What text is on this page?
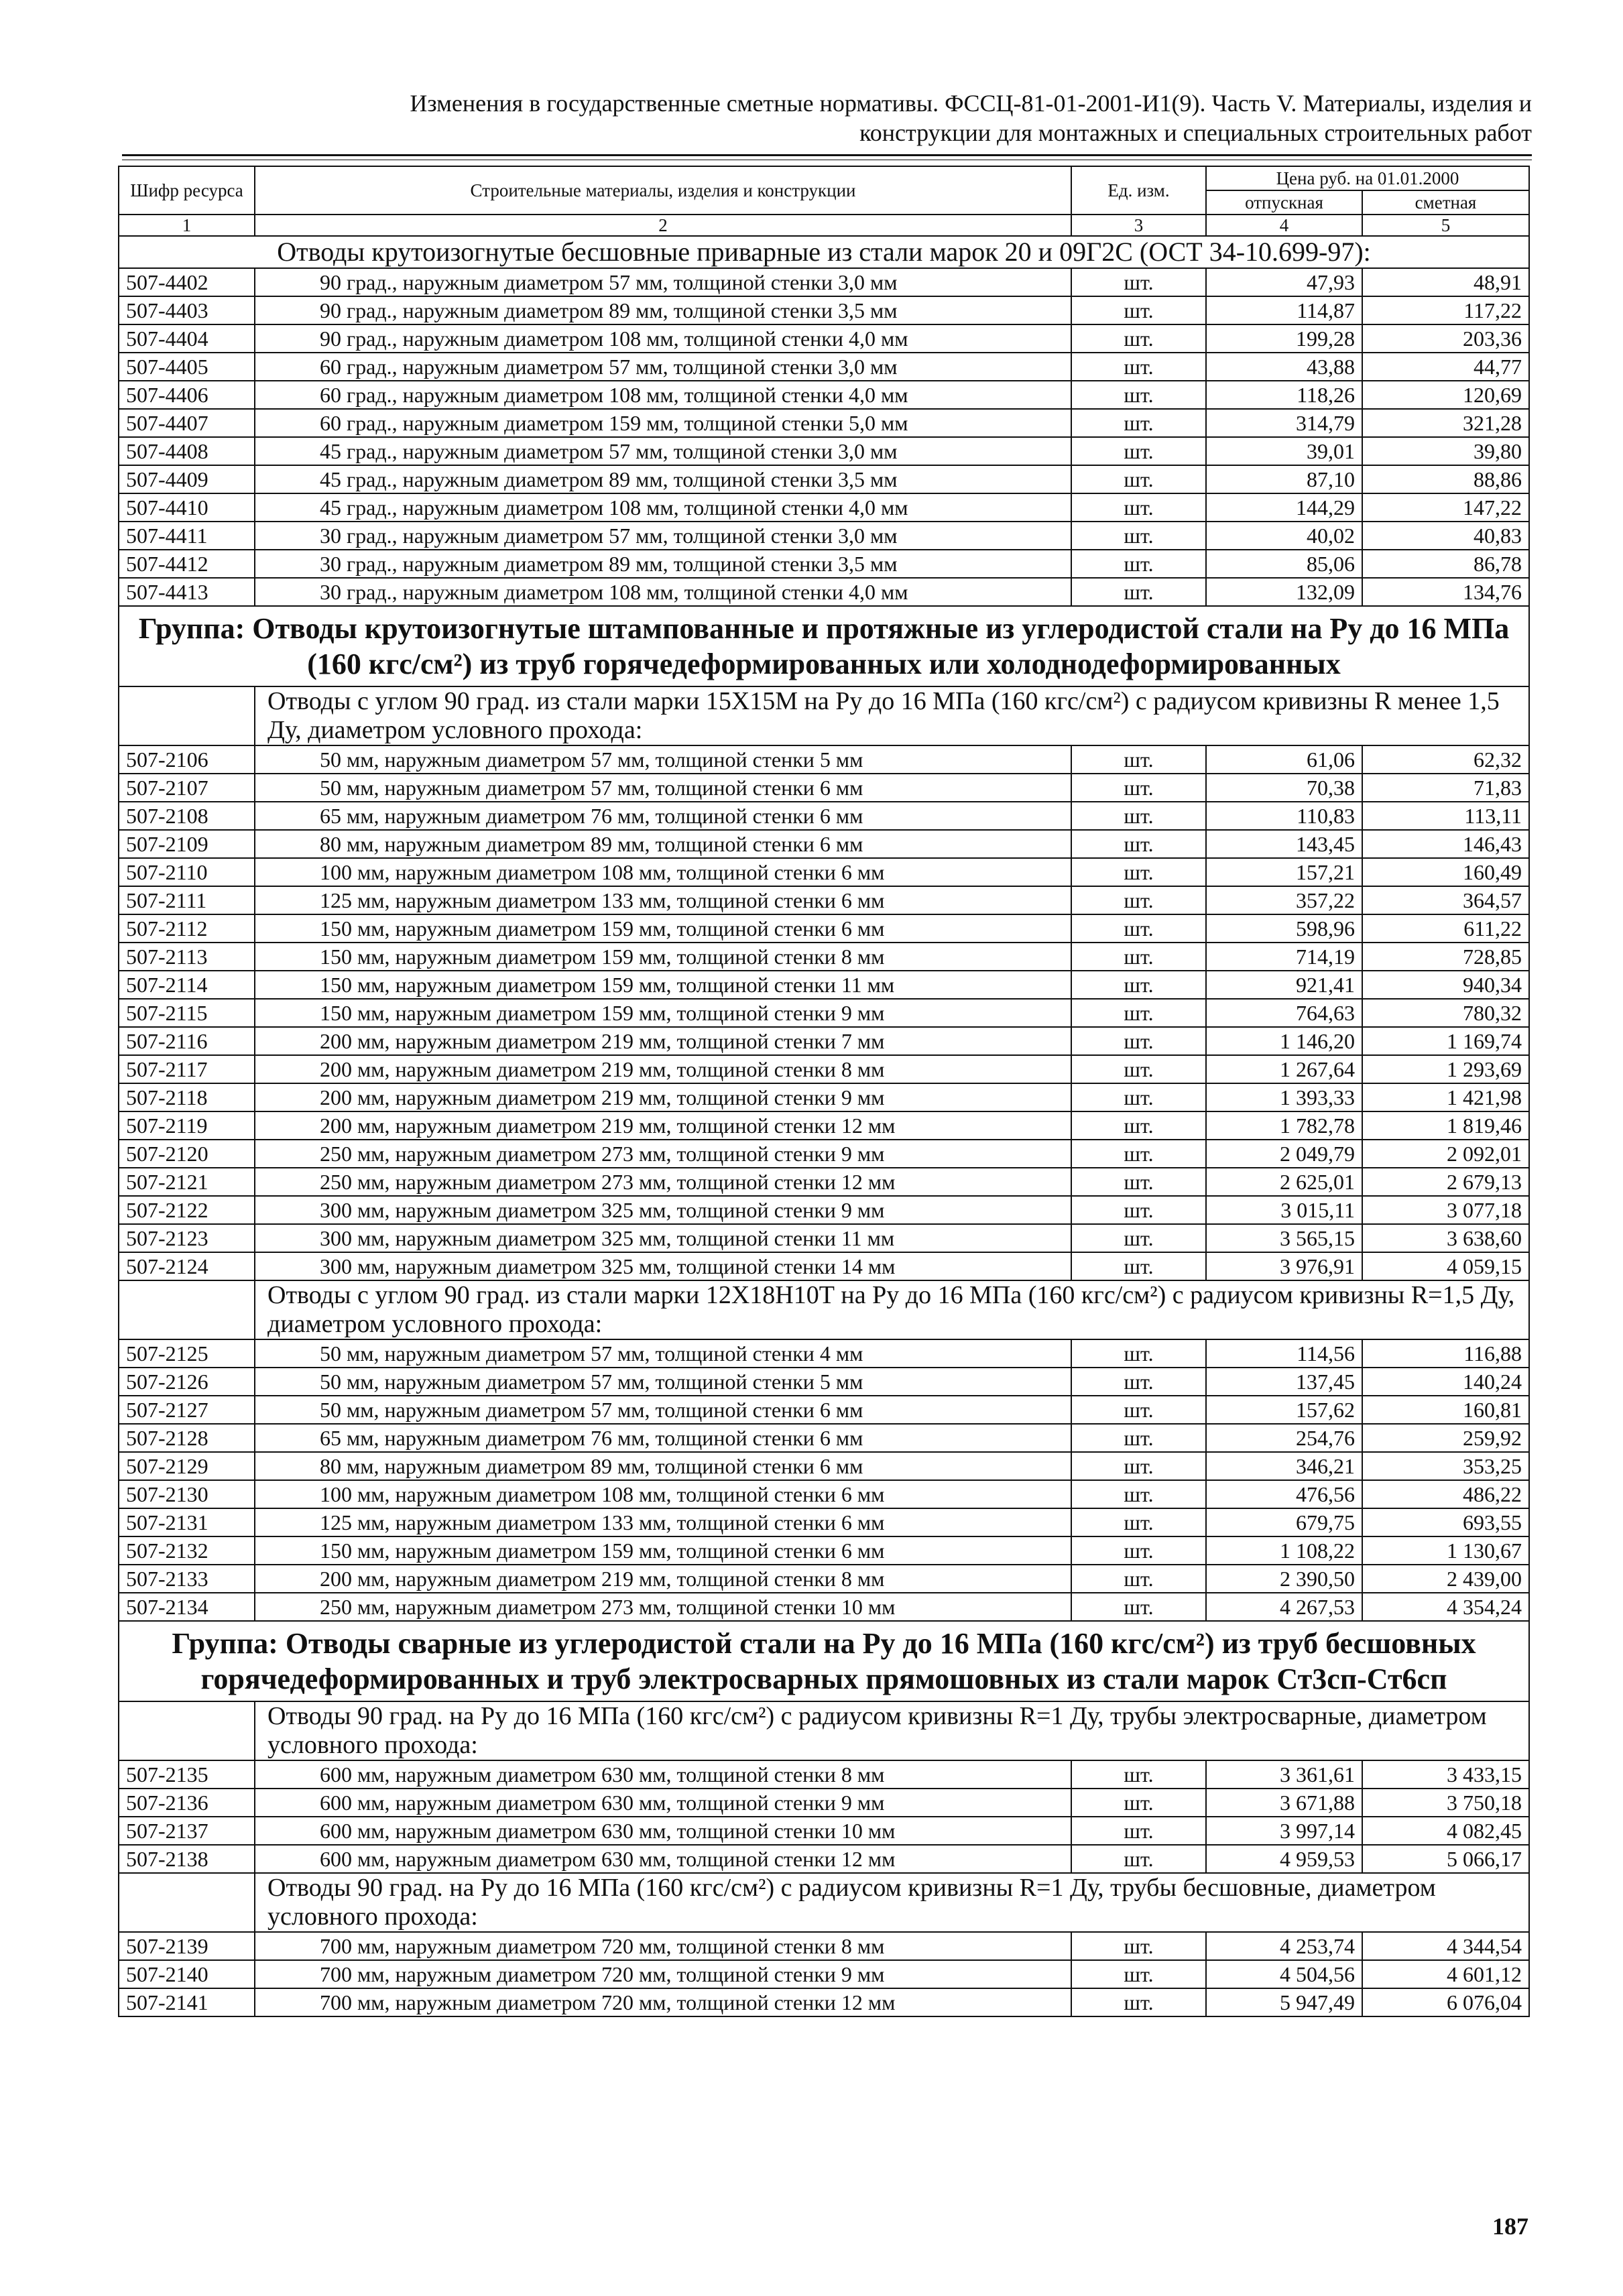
Изменения в государственные сметные нормативы. ФССЦ-81-01-2001-И1(9). Часть V. Материалы, изделия и
конструкции для монтажных и специальных строительных работ
Шифр ресурса	Строительные материалы, изделия и конструкции	Ед. изм.	Цена руб. на 01.01.2000	
			отпускная	сметная
1	2	3	4	5
Отводы крутоизогнутые бесшовные приварные из стали марок 20 и 09Г2С (ОСТ 34-10.699-97):				
507-4402	90 град., наружным диаметром 57 мм, толщиной стенки 3,0 мм	шт.	47,93	48,91
507-4403	90 град., наружным диаметром 89 мм, толщиной стенки 3,5 мм	шт.	114,87	117,22
507-4404	90 град., наружным диаметром 108 мм, толщиной стенки 4,0 мм	шт.	199,28	203,36
507-4405	60 град., наружным диаметром 57 мм, толщиной стенки 3,0 мм	шт.	43,88	44,77
507-4406	60 град., наружным диаметром 108 мм, толщиной стенки 4,0 мм	шт.	118,26	120,69
507-4407	60 град., наружным диаметром 159 мм, толщиной стенки 5,0 мм	шт.	314,79	321,28
507-4408	45 град., наружным диаметром 57 мм, толщиной стенки 3,0 мм	шт.	39,01	39,80
507-4409	45 град., наружным диаметром 89 мм, толщиной стенки 3,5 мм	шт.	87,10	88,86
507-4410	45 град., наружным диаметром 108 мм, толщиной стенки 4,0 мм	шт.	144,29	147,22
507-4411	30 град., наружным диаметром 57 мм, толщиной стенки 3,0 мм	шт.	40,02	40,83
507-4412	30 град., наружным диаметром 89 мм, толщиной стенки 3,5 мм	шт.	85,06	86,78
507-4413	30 град., наружным диаметром 108 мм, толщиной стенки 4,0 мм	шт.	132,09	134,76
Группа: Отводы крутоизогнутые штампованные и протяжные из углеродистой стали на Ру до 16 МПа (160 кгс/см²) из труб горячедеформированных или холоднодеформированных				
	Отводы с углом 90 град. из стали марки 15Х15М на Ру до 16 МПа (160 кгс/см²) с радиусом кривизны R менее 1,5 Ду, диаметром условного прохода:			
507-2106	50 мм, наружным диаметром 57 мм, толщиной стенки 5 мм	шт.	61,06	62,32
507-2107	50 мм, наружным диаметром 57 мм, толщиной стенки 6 мм	шт.	70,38	71,83
507-2108	65 мм, наружным диаметром 76 мм, толщиной стенки 6 мм	шт.	110,83	113,11
507-2109	80 мм, наружным диаметром 89 мм, толщиной стенки 6 мм	шт.	143,45	146,43
507-2110	100 мм, наружным диаметром 108 мм, толщиной стенки 6 мм	шт.	157,21	160,49
507-2111	125 мм, наружным диаметром 133 мм, толщиной стенки 6 мм	шт.	357,22	364,57
507-2112	150 мм, наружным диаметром 159 мм, толщиной стенки 6 мм	шт.	598,96	611,22
507-2113	150 мм, наружным диаметром 159 мм, толщиной стенки 8 мм	шт.	714,19	728,85
507-2114	150 мм, наружным диаметром 159 мм, толщиной стенки 11 мм	шт.	921,41	940,34
507-2115	150 мм, наружным диаметром 159 мм, толщиной стенки 9 мм	шт.	764,63	780,32
507-2116	200 мм, наружным диаметром 219 мм, толщиной стенки 7 мм	шт.	1 146,20	1 169,74
507-2117	200 мм, наружным диаметром 219 мм, толщиной стенки 8 мм	шт.	1 267,64	1 293,69
507-2118	200 мм, наружным диаметром 219 мм, толщиной стенки 9 мм	шт.	1 393,33	1 421,98
507-2119	200 мм, наружным диаметром 219 мм, толщиной стенки 12 мм	шт.	1 782,78	1 819,46
507-2120	250 мм, наружным диаметром 273 мм, толщиной стенки 9 мм	шт.	2 049,79	2 092,01
507-2121	250 мм, наружным диаметром 273 мм, толщиной стенки 12 мм	шт.	2 625,01	2 679,13
507-2122	300 мм, наружным диаметром 325 мм, толщиной стенки 9 мм	шт.	3 015,11	3 077,18
507-2123	300 мм, наружным диаметром 325 мм, толщиной стенки 11 мм	шт.	3 565,15	3 638,60
507-2124	300 мм, наружным диаметром 325 мм, толщиной стенки 14 мм	шт.	3 976,91	4 059,15
	Отводы с углом 90 град. из стали марки 12Х18Н10Т на Ру до 16 МПа (160 кгс/см²) с радиусом кривизны R=1,5 Ду, диаметром условного прохода:			
507-2125	50 мм, наружным диаметром 57 мм, толщиной стенки 4 мм	шт.	114,56	116,88
507-2126	50 мм, наружным диаметром 57 мм, толщиной стенки 5 мм	шт.	137,45	140,24
507-2127	50 мм, наружным диаметром 57 мм, толщиной стенки 6 мм	шт.	157,62	160,81
507-2128	65 мм, наружным диаметром 76 мм, толщиной стенки 6 мм	шт.	254,76	259,92
507-2129	80 мм, наружным диаметром 89 мм, толщиной стенки 6 мм	шт.	346,21	353,25
507-2130	100 мм, наружным диаметром 108 мм, толщиной стенки 6 мм	шт.	476,56	486,22
507-2131	125 мм, наружным диаметром 133 мм, толщиной стенки 6 мм	шт.	679,75	693,55
507-2132	150 мм, наружным диаметром 159 мм, толщиной стенки 6 мм	шт.	1 108,22	1 130,67
507-2133	200 мм, наружным диаметром 219 мм, толщиной стенки 8 мм	шт.	2 390,50	2 439,00
507-2134	250 мм, наружным диаметром 273 мм, толщиной стенки 10 мм	шт.	4 267,53	4 354,24
Группа: Отводы сварные из углеродистой стали на Ру до 16 МПа (160 кгс/см²) из труб бесшовных горячедеформированных и труб электросварных прямошовных из стали марок Ст3сп-Ст6сп				
	Отводы 90 град. на Ру до 16 МПа (160 кгс/см²) с радиусом кривизны R=1 Ду, трубы электросварные, диаметром условного прохода:			
507-2135	600 мм, наружным диаметром 630 мм, толщиной стенки 8 мм	шт.	3 361,61	3 433,15
507-2136	600 мм, наружным диаметром 630 мм, толщиной стенки 9 мм	шт.	3 671,88	3 750,18
507-2137	600 мм, наружным диаметром 630 мм, толщиной стенки 10 мм	шт.	3 997,14	4 082,45
507-2138	600 мм, наружным диаметром 630 мм, толщиной стенки 12 мм	шт.	4 959,53	5 066,17
	Отводы 90 град. на Ру до 16 МПа (160 кгс/см²) с радиусом кривизны R=1 Ду, трубы бесшовные, диаметром условного прохода:			
507-2139	700 мм, наружным диаметром 720 мм, толщиной стенки 8 мм	шт.	4 253,74	4 344,54
507-2140	700 мм, наружным диаметром 720 мм, толщиной стенки 9 мм	шт.	4 504,56	4 601,12
507-2141	700 мм, наружным диаметром 720 мм, толщиной стенки 12 мм	шт.	5 947,49	6 076,04
187
